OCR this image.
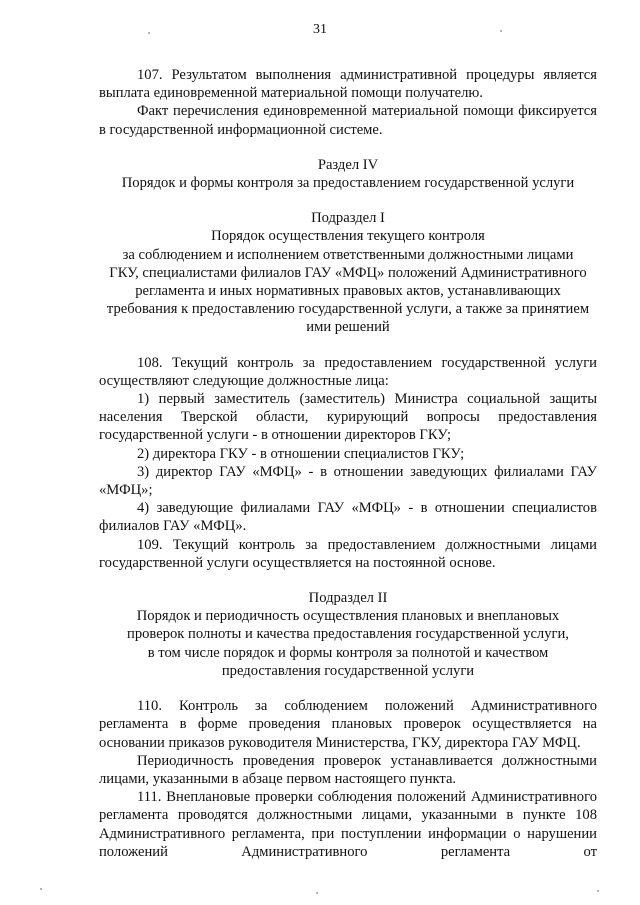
31

107. Результатом выполнения административной процедуры является выплата единовременной материальной помощи получателю.

Факт перечисления единовременной материальной помощи фиксируется в государственной информационной системе.

Раздел IV

Порядок и формы контроля за предоставлением государственной услуги

Подраздел I

Порядок осуществления текущего контроля

за соблюдением и исполнением ответственными должностными лицами

ГКУ, специалистами филиалов ГАУ «МФЦ» положений Административного

регламента и иных нормативных правовых актов, устанавливающих

требования к предоставлению государственной услуги, а также за принятием

ими решений

108. Текущий контроль за предоставлением государственной услуги осуществляют следующие должностные лица:

1) первый заместитель (заместитель) Министра социальной защиты населения Тверской области, курирующий вопросы предоставления государственной услуги - в отношении директоров ГКУ;

2) директора ГКУ - в отношении специалистов ГКУ;

3) директор ГАУ «МФЦ» - в отношении заведующих филиалами ГАУ «МФЦ»;

4) заведующие филиалами ГАУ «МФЦ» - в отношении специалистов филиалов ГАУ «МФЦ».

109. Текущий контроль за предоставлением должностными лицами государственной услуги осуществляется на постоянной основе.

Подраздел II

Порядок и периодичность осуществления плановых и внеплановых

проверок полноты и качества предоставления государственной услуги,

в том числе порядок и формы контроля за полнотой и качеством

предоставления государственной услуги

110. Контроль за соблюдением положений Административного регламента в форме проведения плановых проверок осуществляется на основании приказов руководителя Министерства, ГКУ, директора ГАУ МФЦ.

Периодичность проведения проверок устанавливается должностными лицами, указанными в абзаце первом настоящего пункта.

111. Внеплановые проверки соблюдения положений Административного регламента проводятся должностными лицами, указанными в пункте 108 Административного регламента, при поступлении информации о нарушении положений Административного регламента от
